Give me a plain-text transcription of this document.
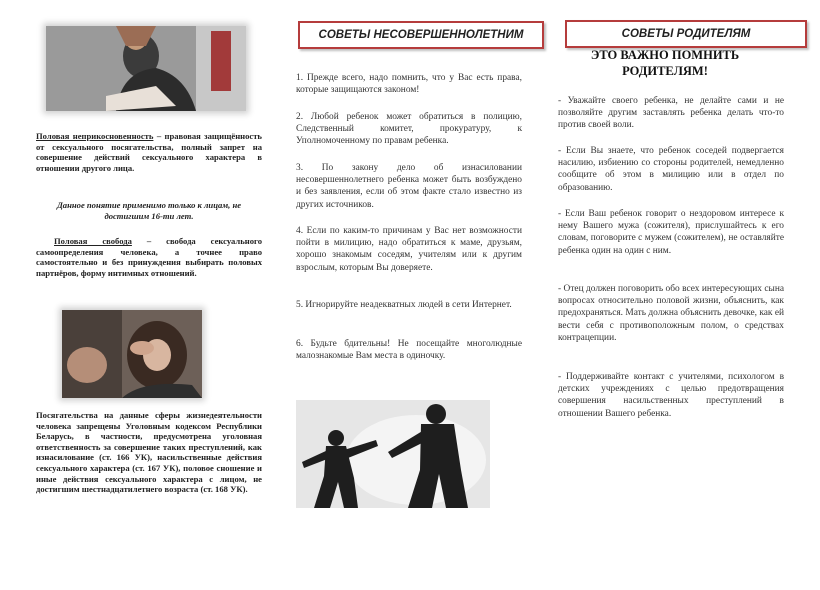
Половая неприкосновенность – правовая защищённость от сексуального посягательства, полный запрет на совершение действий сексуального характера в отношении другого лица.
Данное понятие применимо только к лицам, не достигшим 16-ти лет.
Половая свобода – свобода сексуального самоопределения человека, а точнее право самостоятельно и без принуждения выбирать половых партнёров, форму интимных отношений.
Посягательства на данные сферы жизнедеятельности человека запрещены Уголовным кодексом Республики Беларусь, в частности, предусмотрена уголовная ответственность за совершение таких преступлений, как изнасилование (ст. 166 УК), насильственные действия сексуального характера (ст. 167 УК), половое сношение и иные действия сексуального характера с лицом, не достигшим шестнадцатилетнего возраста (ст. 168 УК).
СОВЕТЫ НЕСОВЕРШЕННОЛЕТНИМ
1. Прежде всего, надо помнить, что у Вас есть права, которые защищаются законом!
2. Любой ребенок может обратиться в полицию, Следственный комитет, прокуратуру, к Уполномоченному по правам ребенка.
3. По закону дело об изнасиловании несовершеннолетнего ребенка может быть возбуждено и без заявления, если об этом факте стало известно из других источников.
4. Если по каким-то причинам у Вас нет возможности пойти в милицию, надо обратиться к маме, друзьям, хорошо знакомым соседям, учителям или к другим взрослым, которым Вы доверяете.
5. Игнорируйте неадекватных людей в сети Интернет.
6. Будьте бдительны! Не посещайте многолюдные малознакомые Вам места в одиночку.
СОВЕТЫ РОДИТЕЛЯМ
ЭТО ВАЖНО ПОМНИТЬ РОДИТЕЛЯМ!
- Уважайте своего ребенка, не делайте сами и не позволяйте другим заставлять ребенка делать что-то против своей воли.
- Если Вы знаете, что ребенок соседей подвергается насилию, избиению со стороны родителей, немедленно сообщите об этом в милицию или в отдел по образованию.
- Если Ваш ребенок говорит о нездоровом интересе к нему Вашего мужа (сожителя), прислушайтесь к его словам, поговорите с мужем (сожителем), не оставляйте ребенка один на один с ним.
- Отец должен поговорить обо всех интересующих сына вопросах относительно половой жизни, объяснить, как предохраняться. Мать должна объяснить девочке, как ей вести себя с противоположным полом, о средствах контрацепции.
- Поддерживайте контакт с учителями, психологом в детских учреждениях с целью предотвращения совершения насильственных преступлений в отношении Вашего ребенка.
